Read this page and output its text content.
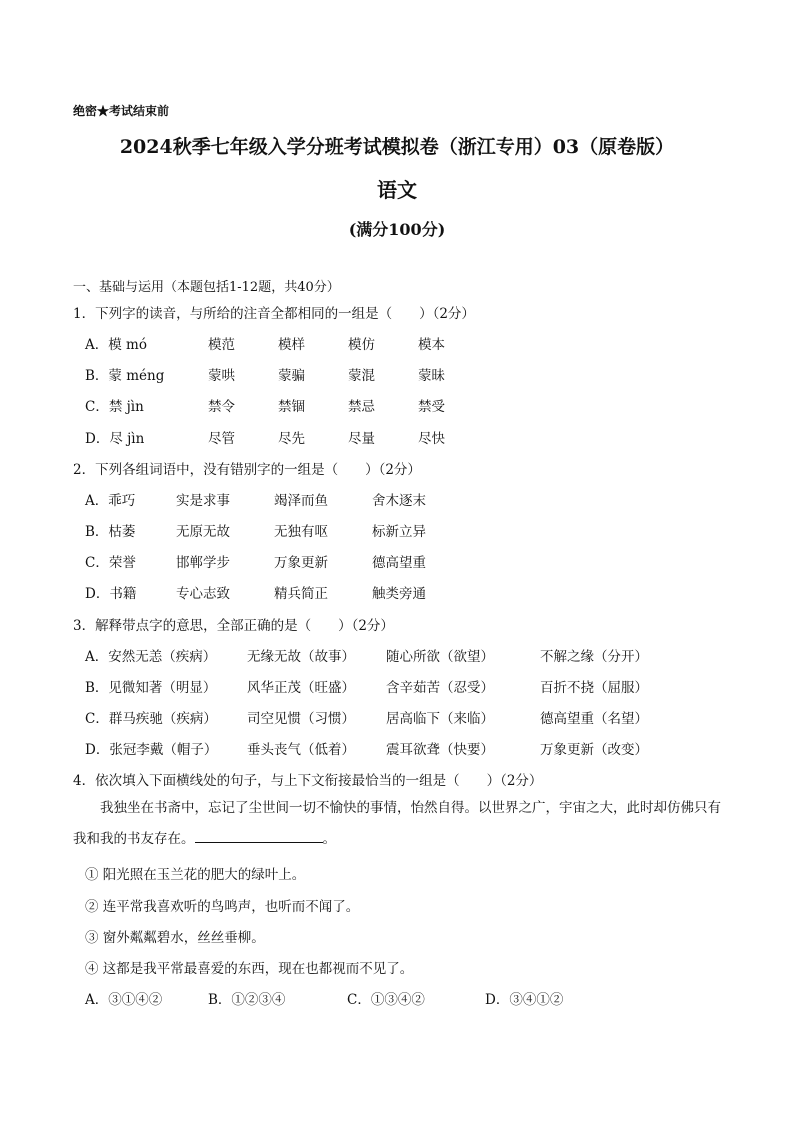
绝密★考试结束前
2024秋季七年级入学分班考试模拟卷（浙江专用）03（原卷版）
语文
(满分100分)
一、基础与运用（本题包括1-12题，共40分）
1．下列字的读音，与所给的注音全都相同的一组是（　　）（2分）
A．模 mó	模范	模样	模仿	模本
B．蒙 méng	蒙哄	蒙骗	蒙混	蒙昧
C．禁 jìn	禁令	禁锢	禁忌	禁受
D．尽 jìn	尽管	尽先	尽量	尽快
2．下列各组词语中，没有错别字的一组是（　　）（2分）
A．乖巧	实是求事	竭泽而鱼	舍木逐末
B．枯萎	无原无故	无独有呕	标新立异
C．荣誉	邯郸学步	万象更新	德高望重
D．书籍	专心志致	精兵简正	触类旁通
3．解释带点字的意思，全部正确的是（　　）（2分）
A．安然无恙（疾病） 无缘无故（故事） 随心所欲（欲望）	不解之缘（分开）
B．见微知著（明显） 风华正茂（旺盛） 含辛茹苦（忍受）	百折不挠（屈服）
C．群马疾驰（疾病） 司空见惯（习惯） 居高临下（来临）	德高望重（名望）
D．张冠李戴（帽子） 垂头丧气（低着） 震耳欲聋（快要）	万象更新（改变）
4．依次填入下面横线处的句子，与上下文衔接最恰当的一组是（　　）（2分）
我独坐在书斋中，忘记了尘世间一切不愉快的事情，怡然自得。以世界之广，宇宙之大，此时却仿佛只有我和我的书友存在。	。
① 阳光照在玉兰花的肥大的绿叶上。
② 连平常我喜欢听的鸟鸣声，也听而不闻了。
③ 窗外粼粼碧水，丝丝垂柳。
④ 这都是我平常最喜爱的东西，现在也都视而不见了。
A．③①④②	B．①②③④	C．①③④②	D．③④①②
